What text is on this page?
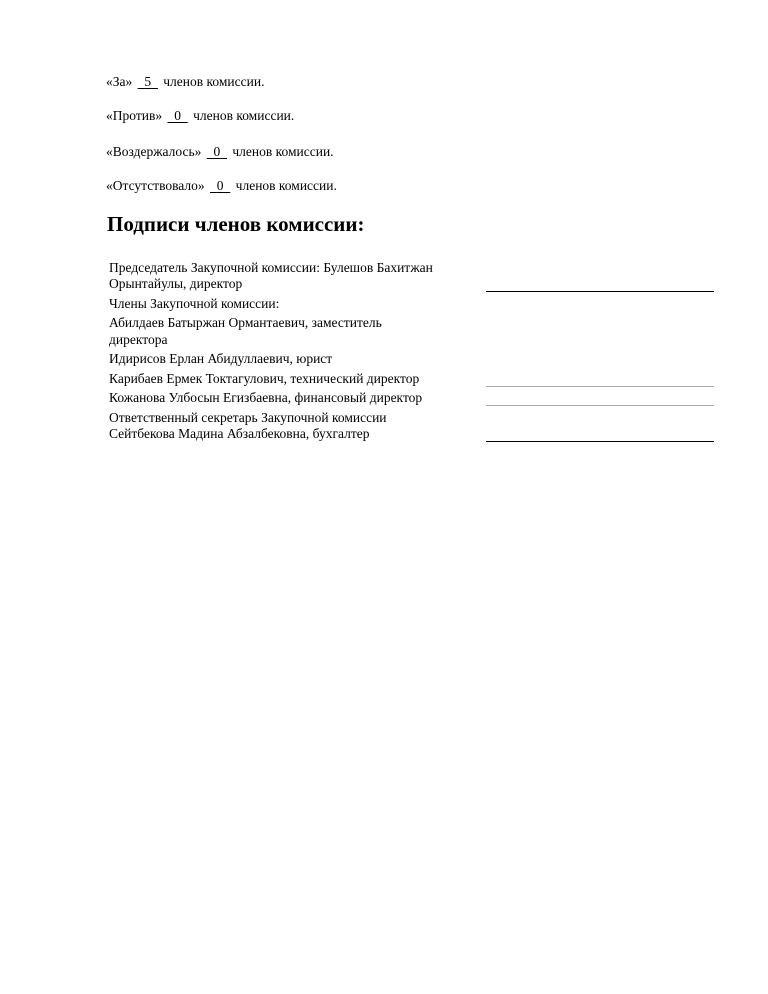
«За» 5 членов комиссии.
«Против» 0 членов комиссии.
«Воздержалось» 0 членов комиссии.
«Отсутствовало» 0 членов комиссии.
Подписи членов комиссии:
Председатель Закупочной комиссии: Булешов Бахитжан
Орынтайулы, директор
Члены Закупочной комиссии:
Абилдаев Батыржан Ормантаевич, заместитель
директора
Идирисов Ерлан Абидуллаевич, юрист
Карибаев Ермек Токтагулович, технический директор
Кожанова Улбосын Егизбаевна, финансовый директор
Ответственный секретарь Закупочной комиссии
Сейтбекова Мадина Абзалбековна, бухгалтер
